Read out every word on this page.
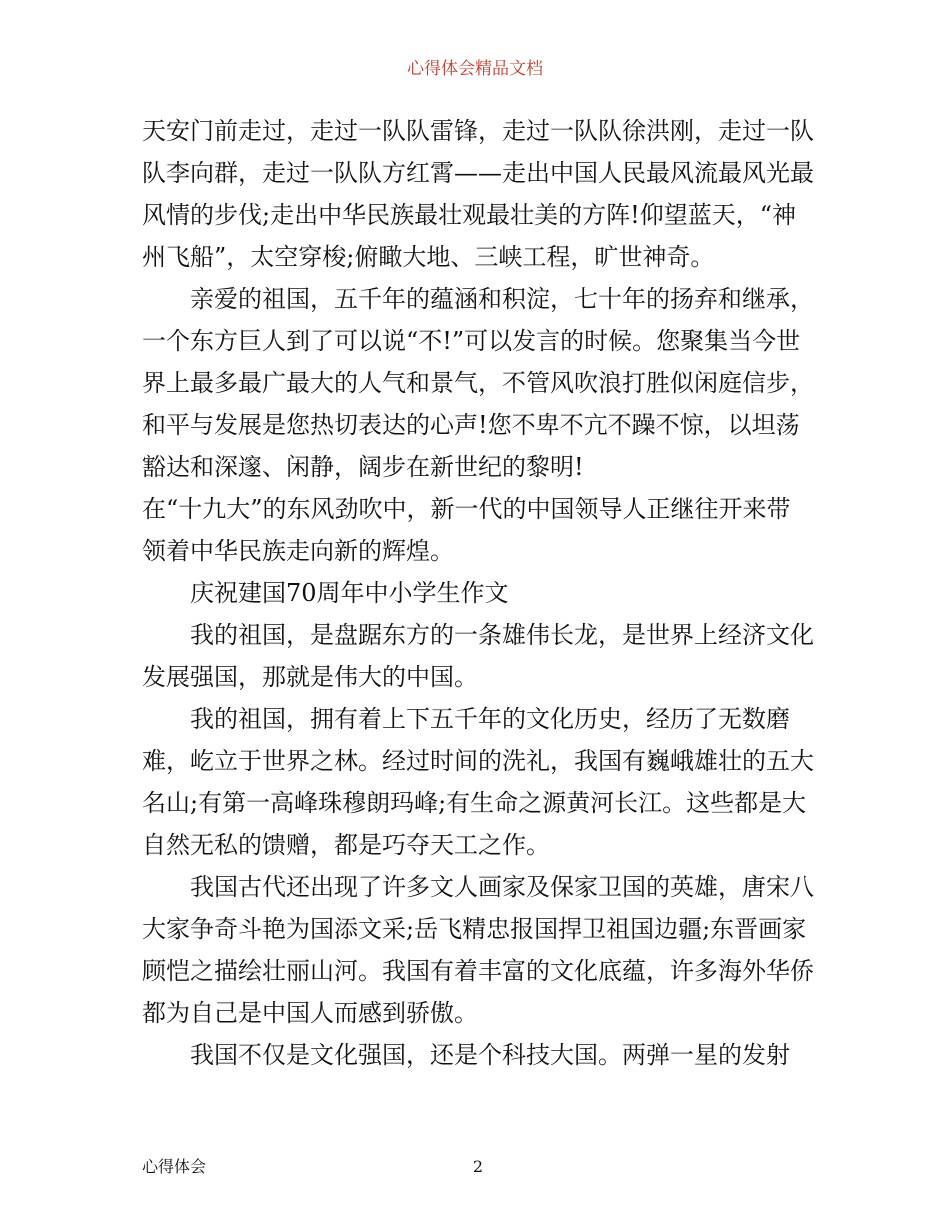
心得体会精品文档

天安门前走过，走过一队队雷锋，走过一队队徐洪刚，走过一队队李向群，走过一队队方红霄——走出中国人民最风流最风光最风情的步伐;走出中华民族最壮观最壮美的方阵!仰望蓝天，“神州飞船”，太空穿梭;俯瞰大地、三峡工程，旷世神奇。

亲爱的祖国，五千年的蕴涵和积淀，七十年的扬弃和继承，一个东方巨人到了可以说“不!”可以发言的时候。您聚集当今世界上最多最广最大的人气和景气，不管风吹浪打胜似闲庭信步，和平与发展是您热切表达的心声!您不卑不亢不躁不惊，以坦荡豁达和深邃、闲静，阔步在新世纪的黎明!

在“十九大”的东风劲吹中，新一代的中国领导人正继往开来带领着中华民族走向新的辉煌。

庆祝建国70周年中小学生作文

我的祖国，是盘踞东方的一条雄伟长龙，是世界上经济文化发展强国，那就是伟大的中国。

我的祖国，拥有着上下五千年的文化历史，经历了无数磨难，屹立于世界之林。经过时间的洗礼，我国有巍峨雄壮的五大名山;有第一高峰珠穆朗玛峰;有生命之源黄河长江。这些都是大自然无私的馈赠，都是巧夺天工之作。

我国古代还出现了许多文人画家及保家卫国的英雄，唐宋八大家争奇斗艳为国添文采;岳飞精忠报国捍卫祖国边疆;东晋画家顾恺之描绘壮丽山河。我国有着丰富的文化底蕴，许多海外华侨都为自己是中国人而感到骄傲。

我国不仅是文化强国，还是个科技大国。两弹一星的发射

心得体会	2
